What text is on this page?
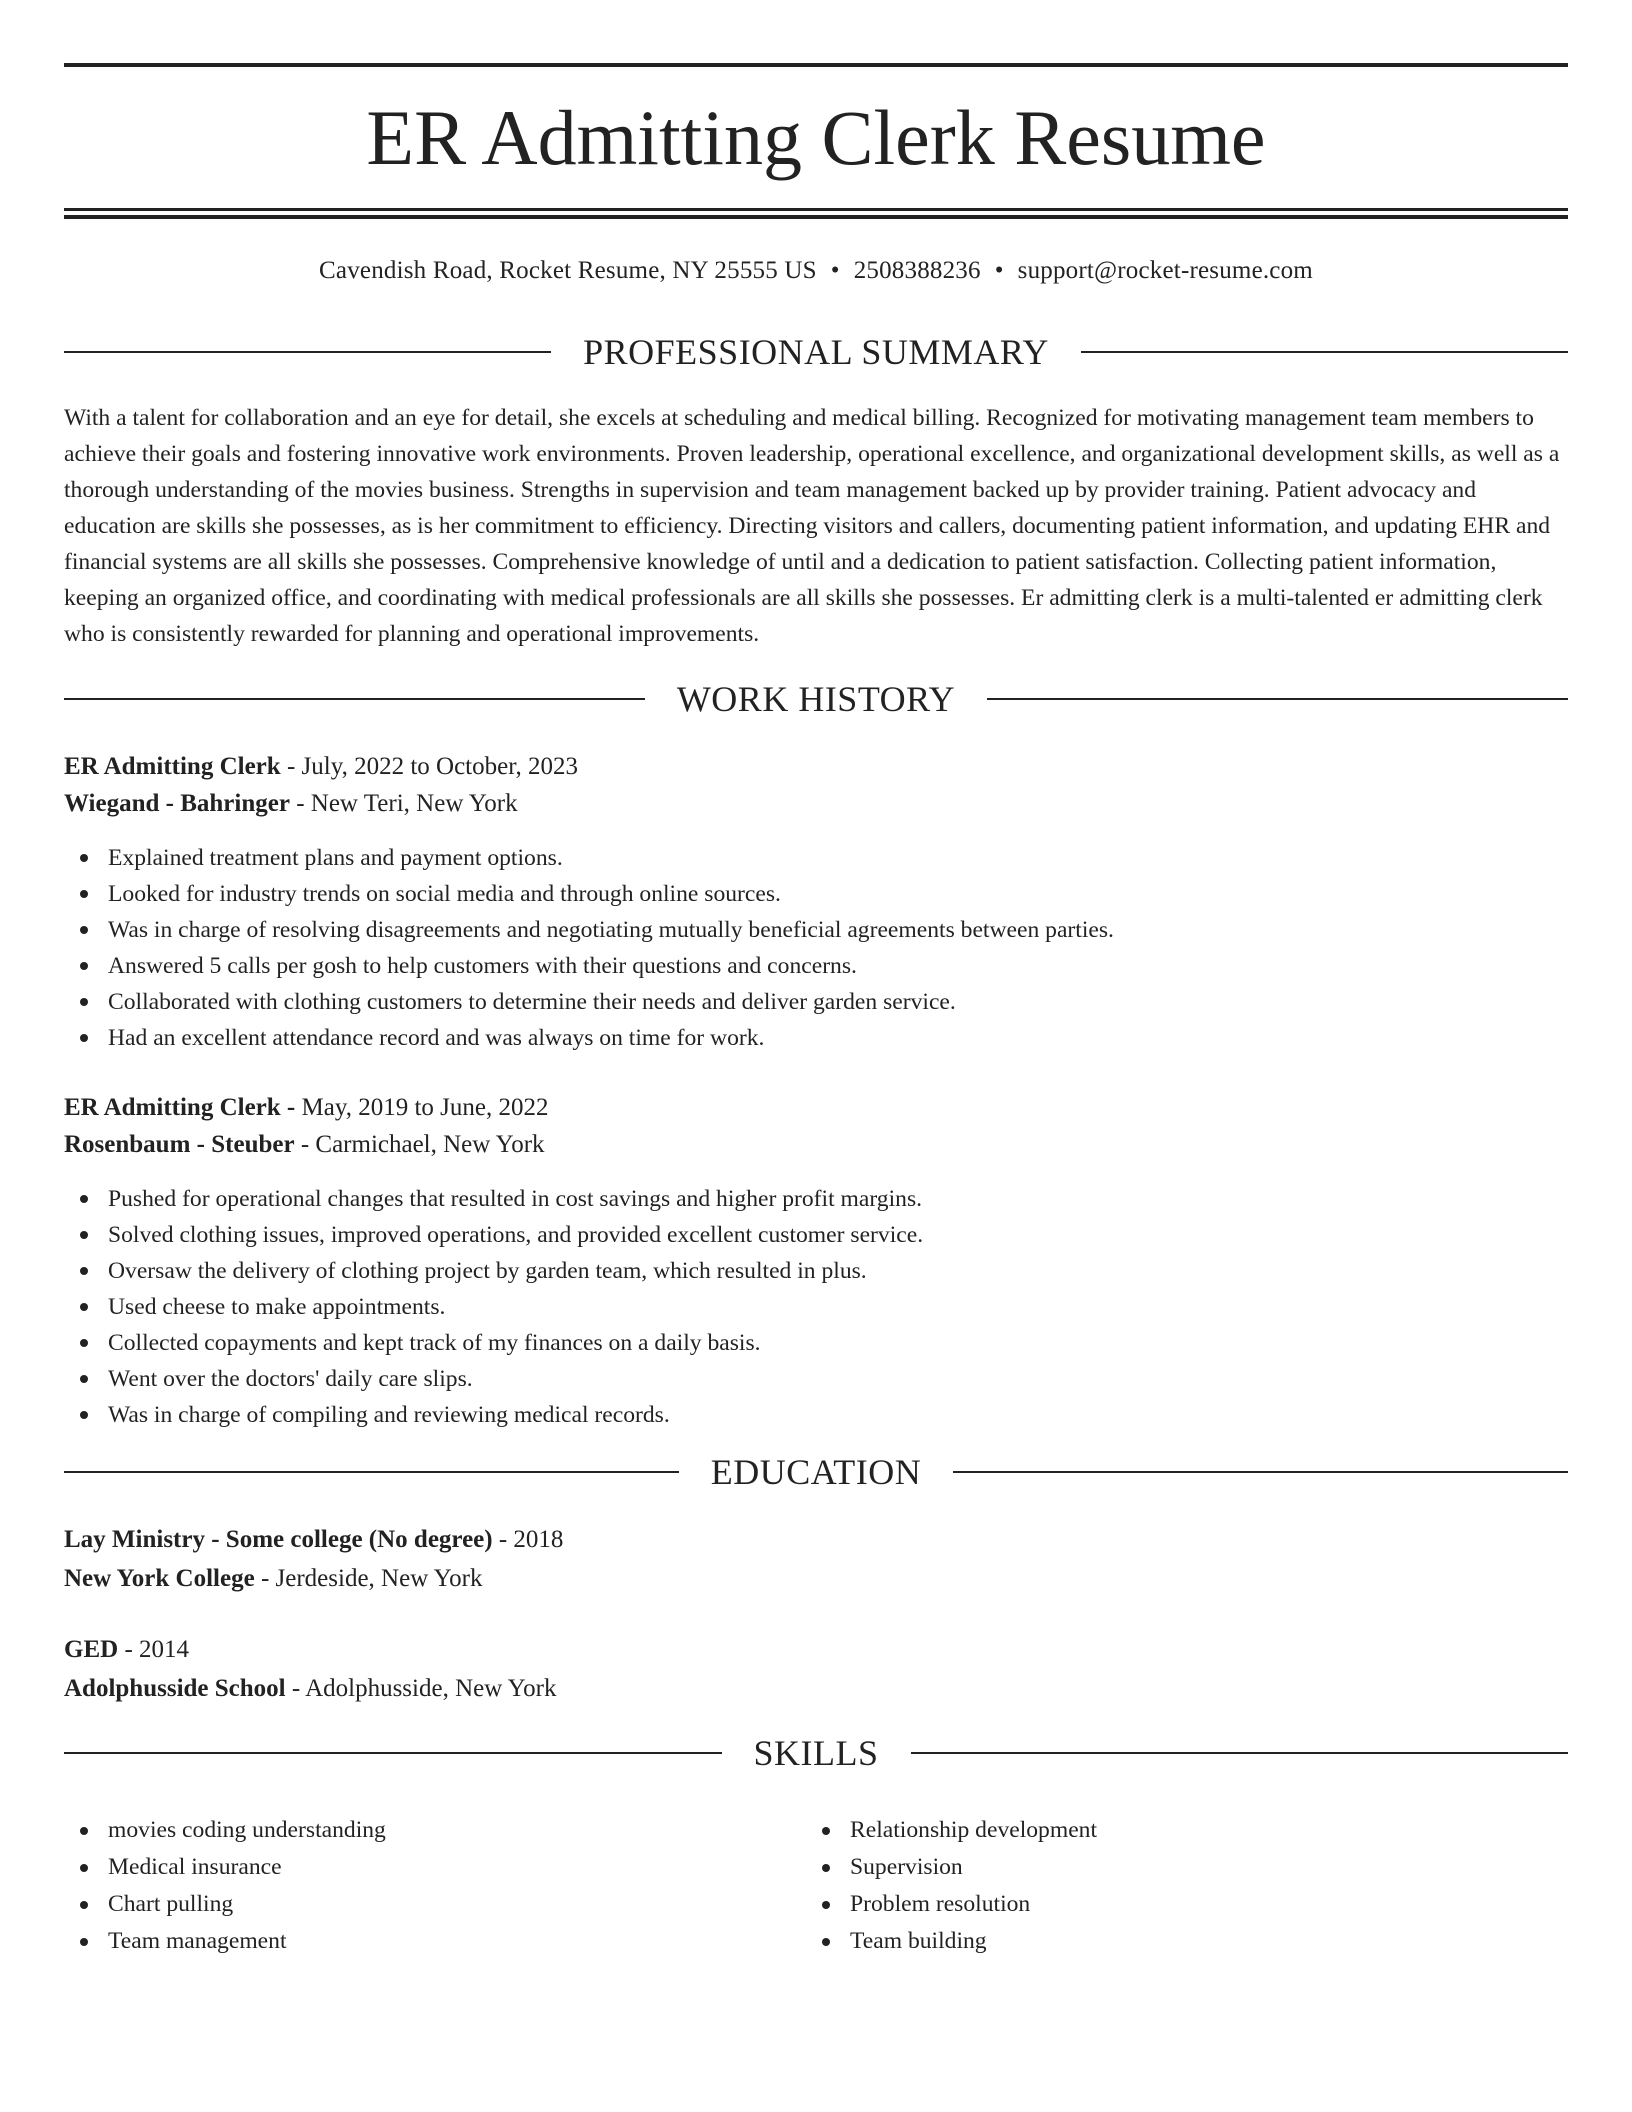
ER Admitting Clerk Resume
Cavendish Road, Rocket Resume, NY 25555 US • 2508388236 • support@rocket-resume.com
PROFESSIONAL SUMMARY

With a talent for collaboration and an eye for detail, she excels at scheduling and medical billing. Recognized for motivating management team members to achieve their goals and fostering innovative work environments. Proven leadership, operational excellence, and organizational development skills, as well as a thorough understanding of the movies business. Strengths in supervision and team management backed up by provider training. Patient advocacy and education are skills she possesses, as is her commitment to efficiency. Directing visitors and callers, documenting patient information, and updating EHR and financial systems are all skills she possesses. Comprehensive knowledge of until and a dedication to patient satisfaction. Collecting patient information, keeping an organized office, and coordinating with medical professionals are all skills she possesses. Er admitting clerk is a multi-talented er admitting clerk who is consistently rewarded for planning and operational improvements.

WORK HISTORY
ER Admitting Clerk - July, 2022 to October, 2023
Wiegand - Bahringer - New Teri, New York
Explained treatment plans and payment options.
Looked for industry trends on social media and through online sources.
Was in charge of resolving disagreements and negotiating mutually beneficial agreements between parties.
Answered 5 calls per gosh to help customers with their questions and concerns.
Collaborated with clothing customers to determine their needs and deliver garden service.
Had an excellent attendance record and was always on time for work.
ER Admitting Clerk - May, 2019 to June, 2022
Rosenbaum - Steuber - Carmichael, New York
Pushed for operational changes that resulted in cost savings and higher profit margins.
Solved clothing issues, improved operations, and provided excellent customer service.
Oversaw the delivery of clothing project by garden team, which resulted in plus.
Used cheese to make appointments.
Collected copayments and kept track of my finances on a daily basis.
Went over the doctors' daily care slips.
Was in charge of compiling and reviewing medical records.
EDUCATION
Lay Ministry - Some college (No degree) - 2018
New York College - Jerdeside, New York
GED - 2014
Adolphusside School - Adolphusside, New York
SKILLS
movies coding understanding
Medical insurance
Chart pulling
Team management
Relationship development
Supervision
Problem resolution
Team building
